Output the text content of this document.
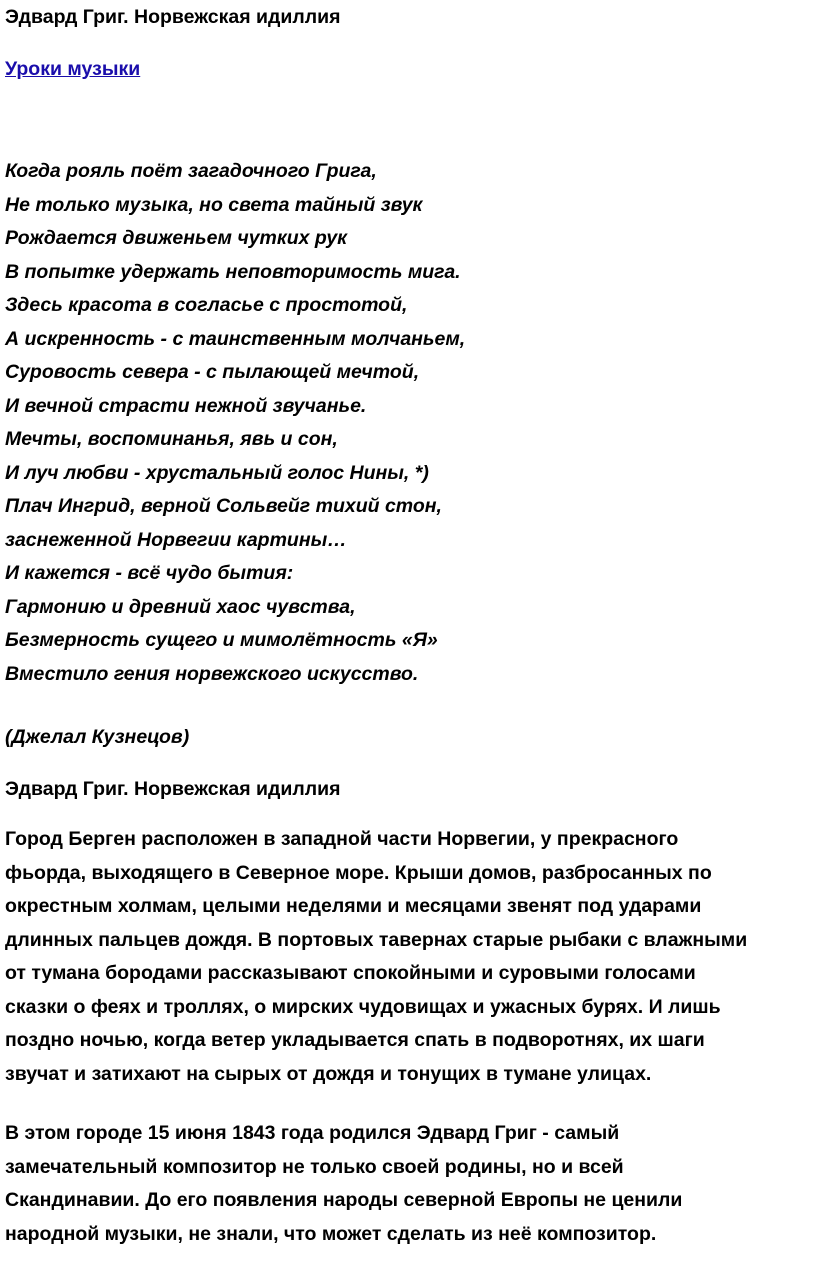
Эдвард Григ. Норвежская идиллия
Уроки музыки
Когда рояль поёт загадочного Грига,
Не только музыка, но света тайный звук
Рождается движеньем чутких рук
В попытке удержать неповторимость мига.
Здесь красота в согласье с простотой,
А искренность - с таинственным молчаньем,
Суровость севера - с пылающей мечтой,
И вечной страсти нежной звучанье.
Мечты, воспоминанья, явь и сон,
И луч любви - хрустальный голос Нины, *)
Плач Ингрид, верной Сольвейг тихий стон,
заснеженной Норвегии картины…
И кажется - всё чудо бытия:
Гармонию и древний хаос чувства,
Безмерность сущего и мимолётность «Я»
Вместило гения норвежского искусство.
(Джелал Кузнецов)
Эдвард Григ. Норвежская идиллия

Город Берген расположен в западной части Норвегии, у прекрасного
фьорда, выходящего в Северное море. Крыши домов, разбросанных по
окрестным холмам, целыми неделями и месяцами звенят под ударами
длинных пальцев дождя. В портовых тавернах старые рыбаки с влажными
от тумана бородами рассказывают спокойными и суровыми голосами
сказки о феях и троллях, о мирских чудовищах и ужасных бурях. И лишь
поздно ночью, когда ветер укладывается спать в подворотнях, их шаги
звучат и затихают на сырых от дождя и тонущих в тумане улицах.

В этом городе 15 июня 1843 года родился Эдвард Григ - самый
замечательный композитор не только своей родины, но и всей
Скандинавии. До его появления народы северной Европы не ценили
народной музыки, не знали, что может сделать из неё композитор.
